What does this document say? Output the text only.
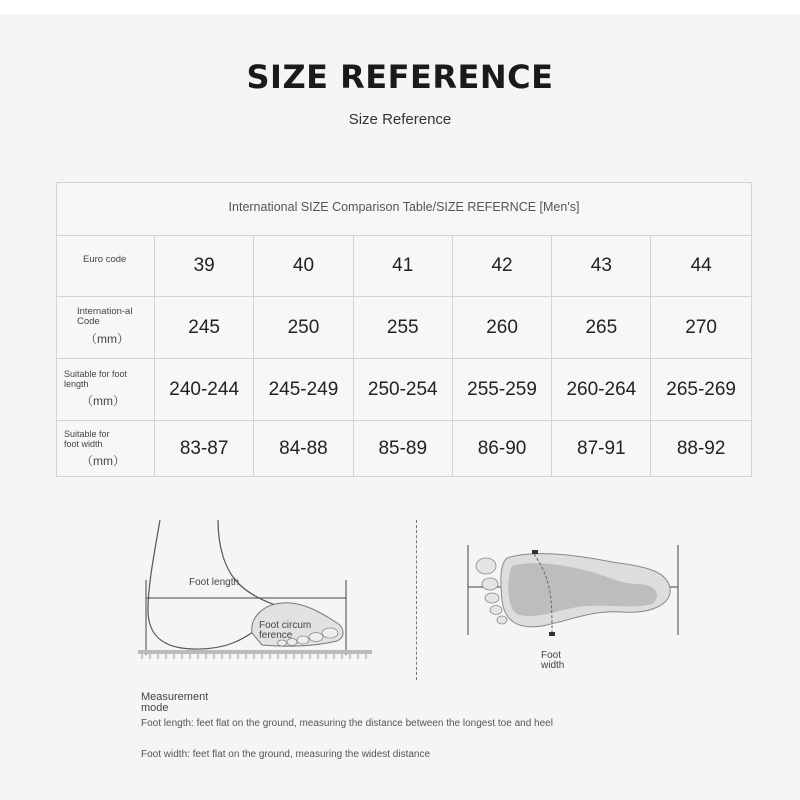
SIZE REFERENCE
Size Reference
International SIZE Comparison Table/SIZE REFERNCE [Men's]
Euro code	39	40	41	42	43	44
Internation-al Code
（mm）
245	250	255	260	265	270
Suitable for foot length
（mm）
240-244	245-249	250-254	255-259	260-264	265-269
Suitable for foot width
（mm）
83-87	84-88	85-89	86-90	87-91	88-92
Foot length
Foot circum ference
Foot width
Measurement mode
Foot length: feet flat on the ground, measuring the distance between the longest toe and heel
Foot width: feet flat on the ground, measuring the widest distance
